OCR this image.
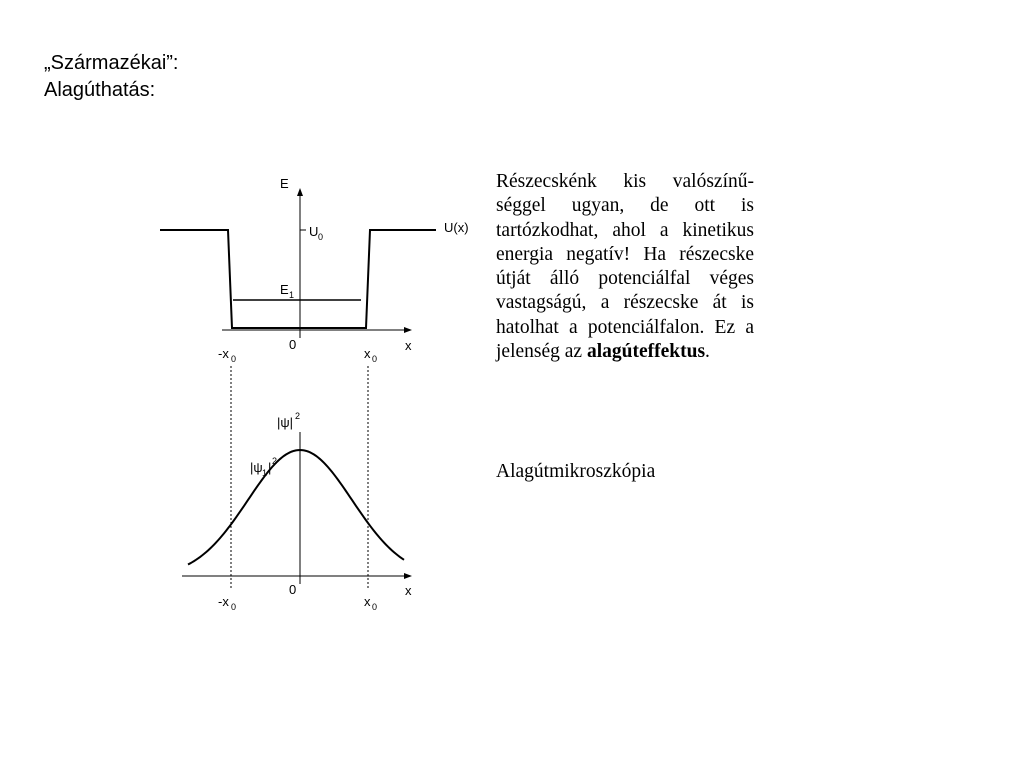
„Származékai”:
Alagúthatás:
E
U 0
U(x)
E 1
0	x
-x 0	x 0
|ψ| 2
|ψ 1 | 2
0	x
-x 0	x 0
Részecskénk kis valószínű-séggel ugyan, de ott is tartózkodhat, ahol a kinetikus energia negatív! Ha részecske útját álló potenciálfal véges vastagságú, a részecske át is hatolhat a potenciálfalon. Ez a jelenség az alagúteffektus.
Alagútmikroszkópia
